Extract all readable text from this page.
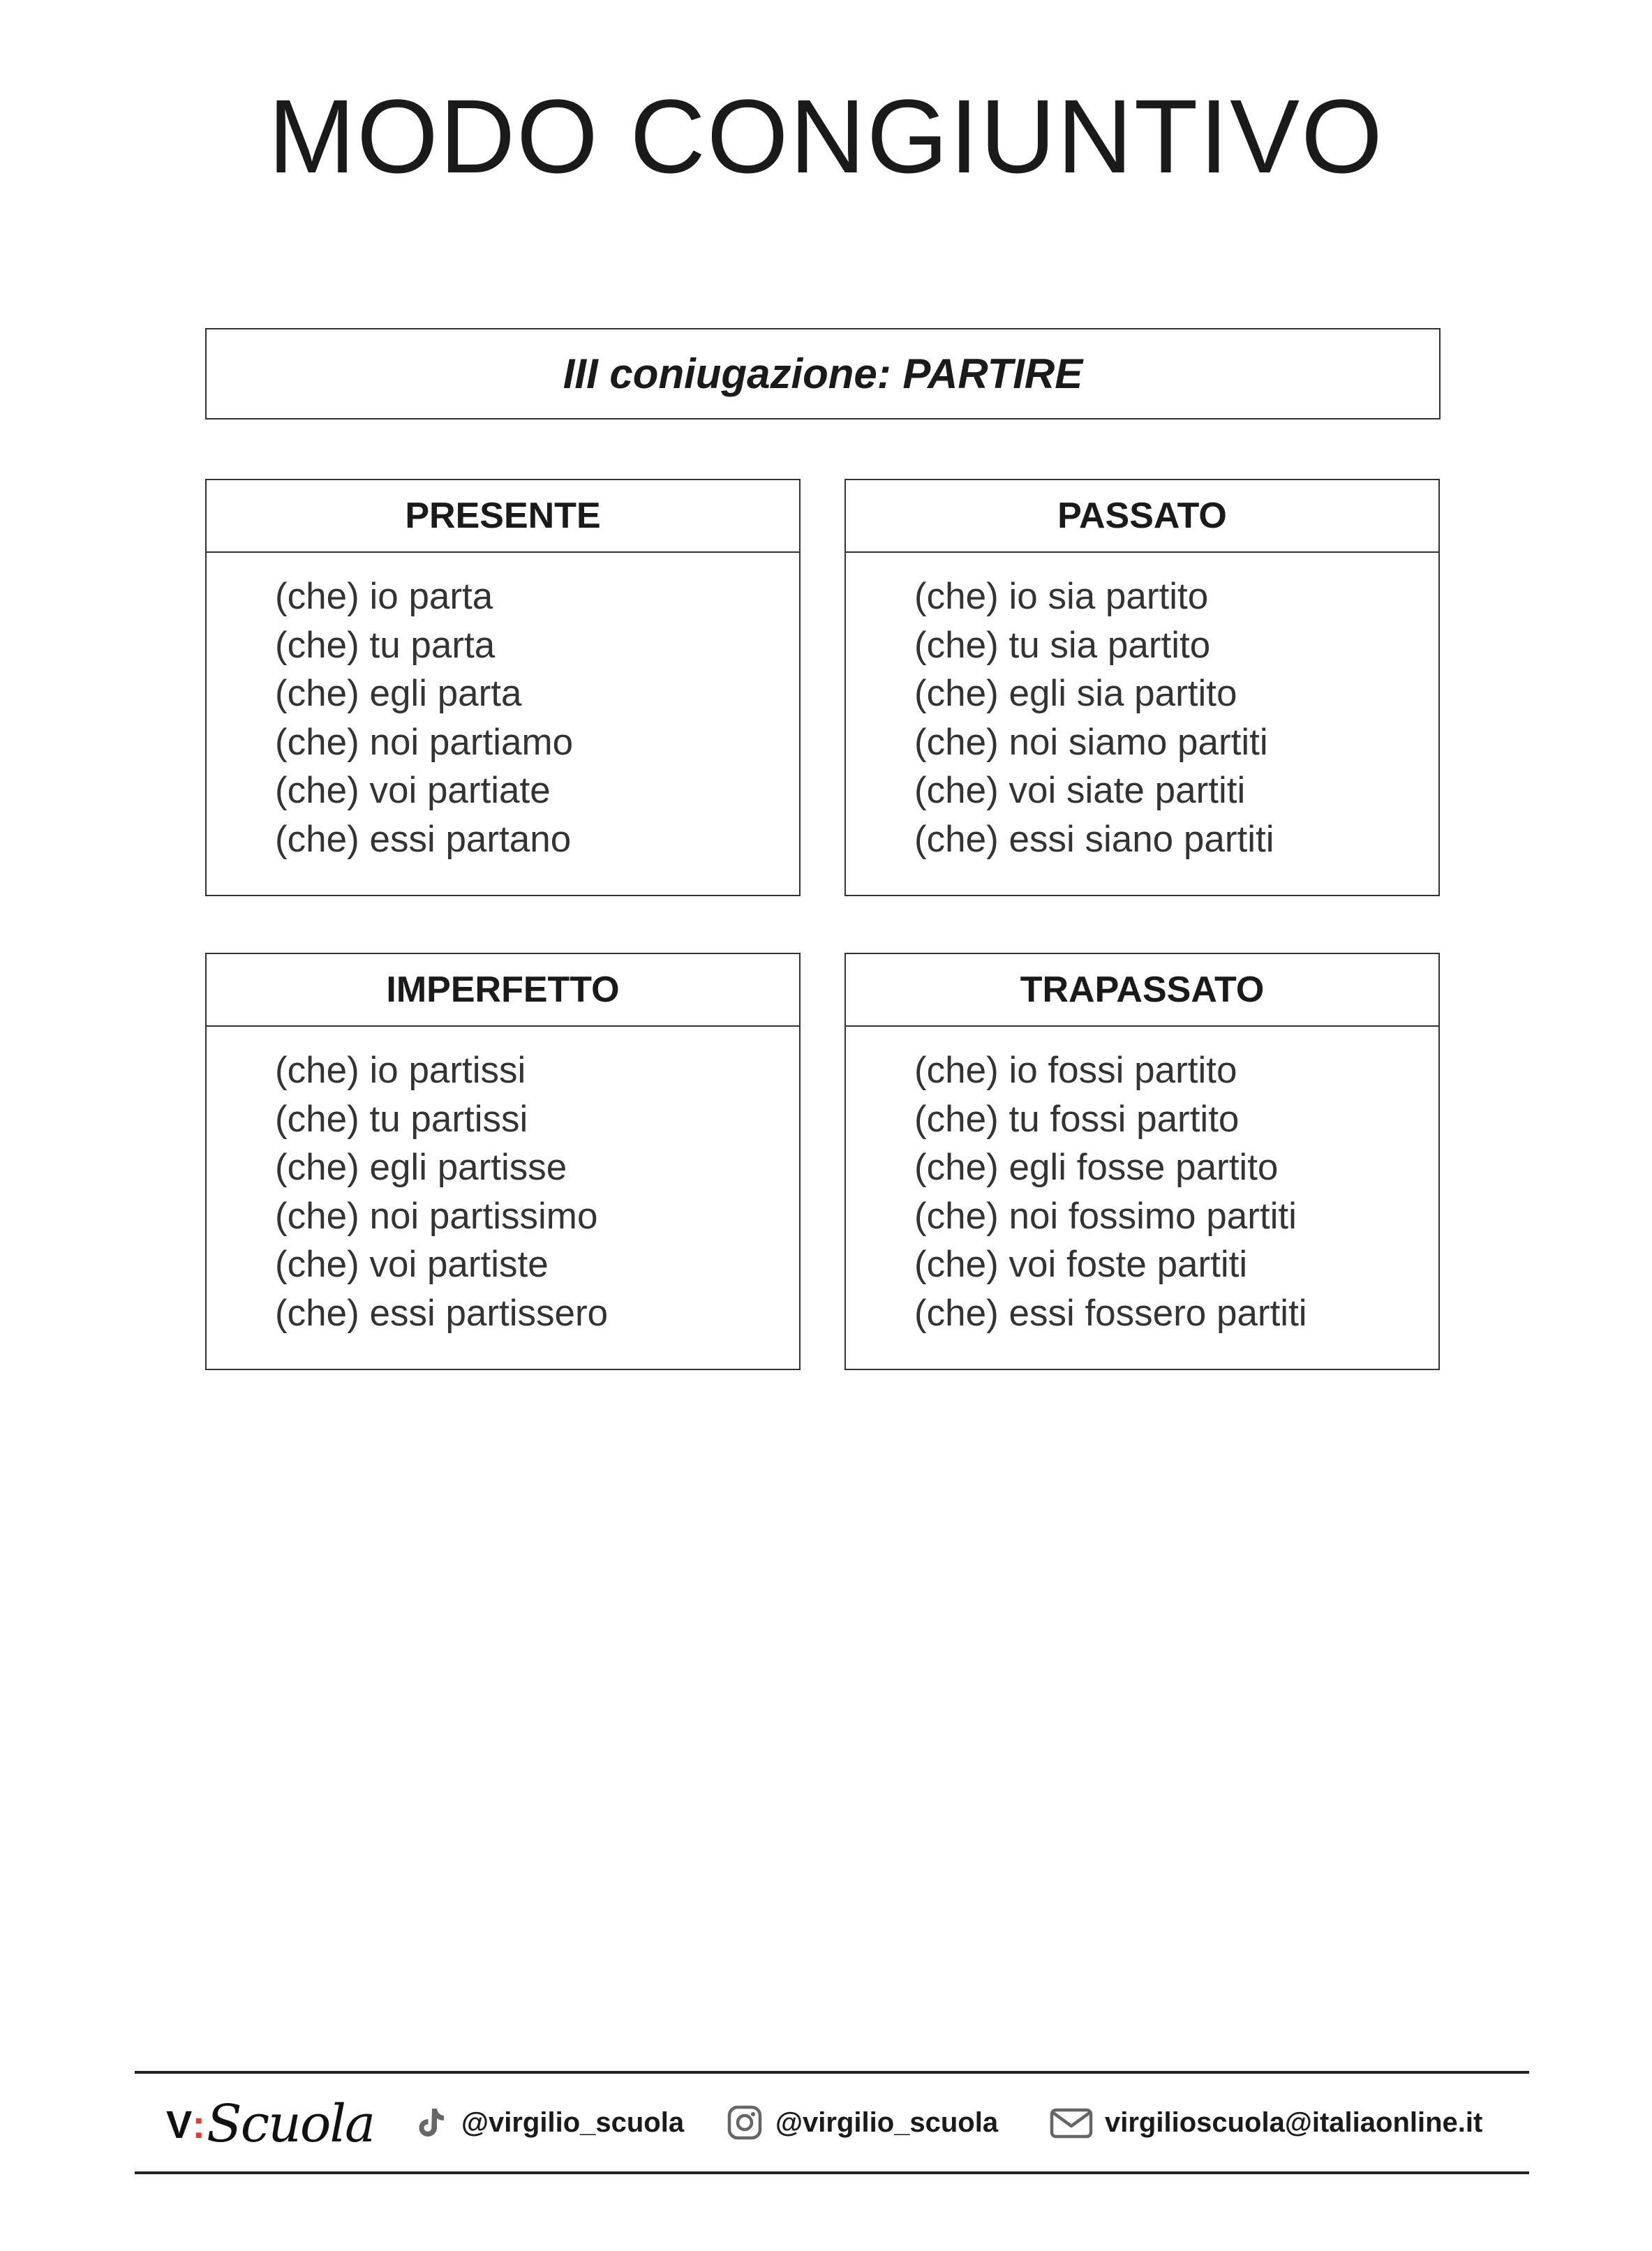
MODO CONGIUNTIVO
III coniugazione: PARTIRE
PRESENTE
(che) io parta
(che) tu parta
(che) egli parta
(che) noi partiamo
(che) voi partiate
(che) essi partano
PASSATO
(che) io sia partito
(che) tu sia partito
(che) egli sia partito
(che) noi siamo partiti
(che) voi siate partiti
(che) essi siano partiti
IMPERFETTO
(che) io partissi
(che) tu partissi
(che) egli partisse
(che) noi partissimo
(che) voi partiste
(che) essi partissero
TRAPASSATO
(che) io fossi partito
(che) tu fossi partito
(che) egli fosse partito
(che) noi fossimo partiti
(che) voi foste partiti
(che) essi fossero partiti
V : Scuola	@virgilio_scuola	@virgilio_scuola	virgilioscuola@italiaonline.it
